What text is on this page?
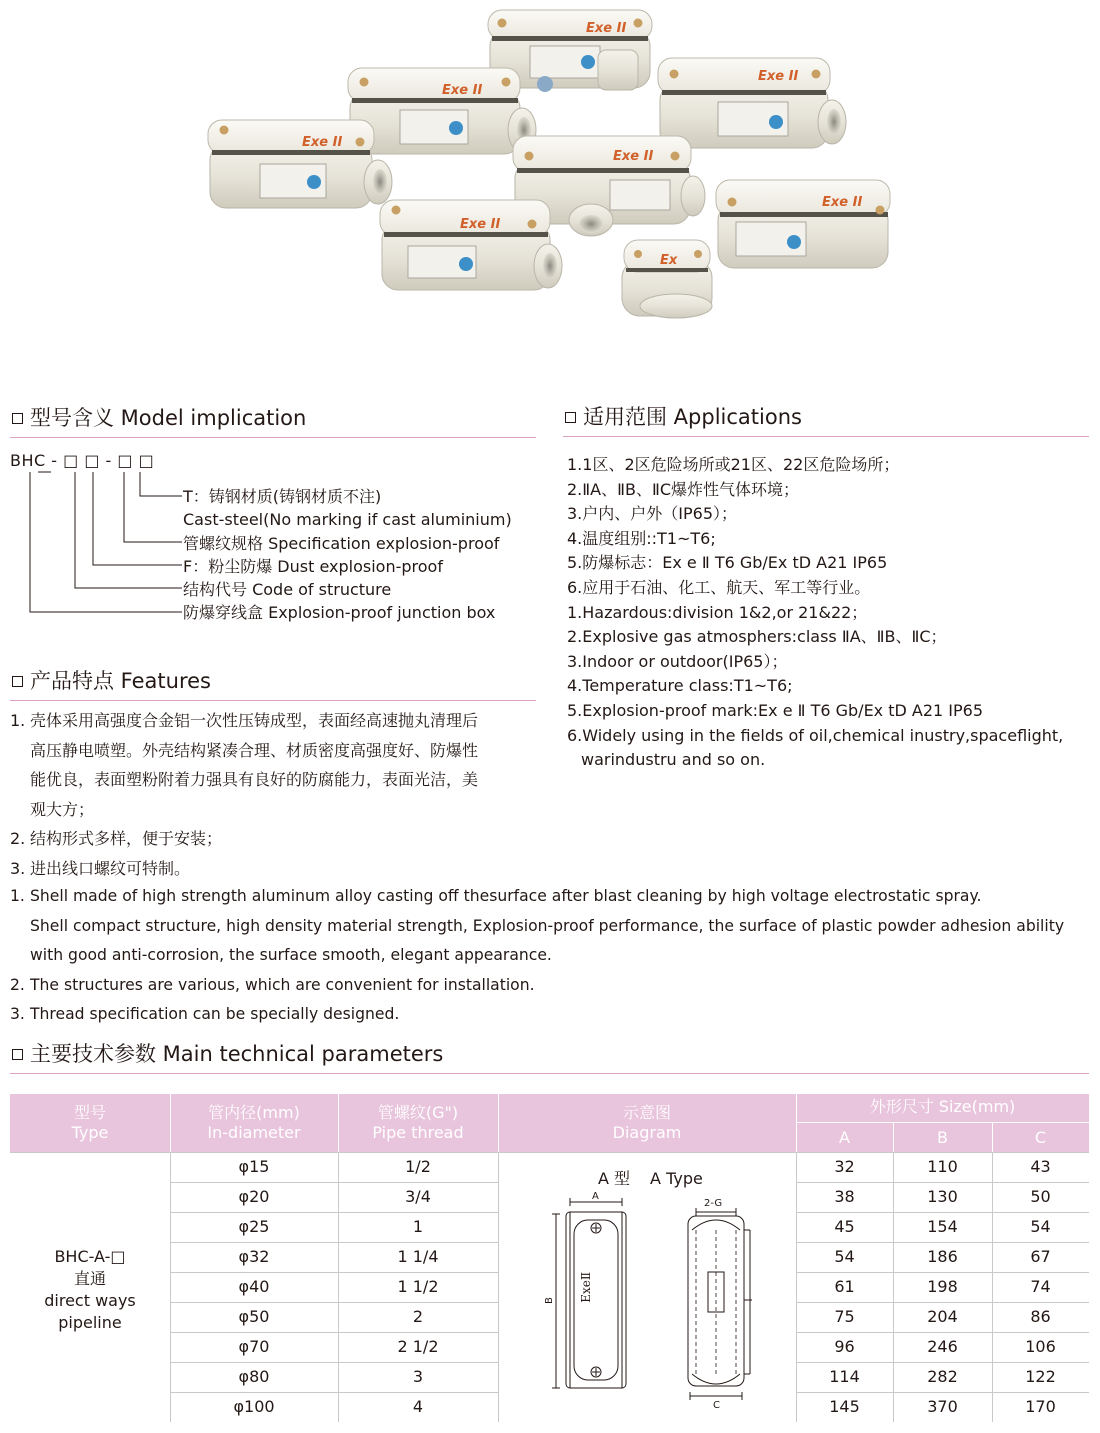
Exe II
Exe II
Exe II
Exe II
Exe II
Exe II
Exe II
Ex
型号含义 Model implication
BHC - □ □ - □ □
T：铸钢材质(铸钢材质不注)
Cast-steel(No marking if cast aluminium)
管螺纹规格 Specification explosion-proof
F：粉尘防爆 Dust explosion-proof
结构代号 Code of structure
防爆穿线盒 Explosion-proof junction box
适用范围 Applications
1.1区、2区危险场所或21区、22区危险场所；
2.ⅡA、ⅡB、ⅡC爆炸性气体环境；
3.户内、户外（IP65）；
4.温度组别::T1~T6;
5.防爆标志：Ex e Ⅱ T6 Gb/Ex tD A21 IP65
6.应用于石油、化工、航天、军工等行业。
1.Hazardous:division 1&2,or 21&22；
2.Explosive gas atmosphers:class ⅡA、ⅡB、ⅡC；
3.Indoor or outdoor(IP65）；
4.Temperature class:T1~T6;
5.Explosion-proof mark:Ex e Ⅱ T6 Gb/Ex tD A21 IP65
6.Widely using in the fields of oil,chemical inustry,spaceflight,
warindustru and so on.
产品特点 Features
1. 壳体采用高强度合金铝一次性压铸成型，表面经高速抛丸清理后
高压静电喷塑。外壳结构紧凑合理、材质密度高强度好、防爆性
能优良，表面塑粉附着力强具有良好的防腐能力，表面光洁，美
观大方；
2. 结构形式多样，便于安装；
3. 进出线口螺纹可特制。
1. Shell made of high strength aluminum alloy casting off thesurface after blast cleaning by high voltage electrostatic spray.
Shell compact structure, high density material strength, Explosion-proof performance, the surface of plastic powder adhesion ability
with good anti-corrosion, the surface smooth, elegant appearance.
2. The structures are various, which are convenient for installation.
3. Thread specification can be specially designed.
主要技术参数 Main technical parameters
型号
Type
管内径(mm)
In-diameter
管螺纹(G")
Pipe thread
示意图
Diagram
外形尺寸 Size(mm)
A	B	C
BHC-A-□
直通
direct ways
pipeline
φ15	1/2	32	110	43
φ20	3/4	38	130	50
φ25	1	45	154	54
φ32	1 1/4	54	186	67
φ40	1 1/2	61	198	74
φ50	2	75	204	86
φ70	2 1/2	96	246	106
φ80	3	114	282	122
φ100	4	145	370	170
A 型 A Type
A
B
2-G
C
ExeⅡ
